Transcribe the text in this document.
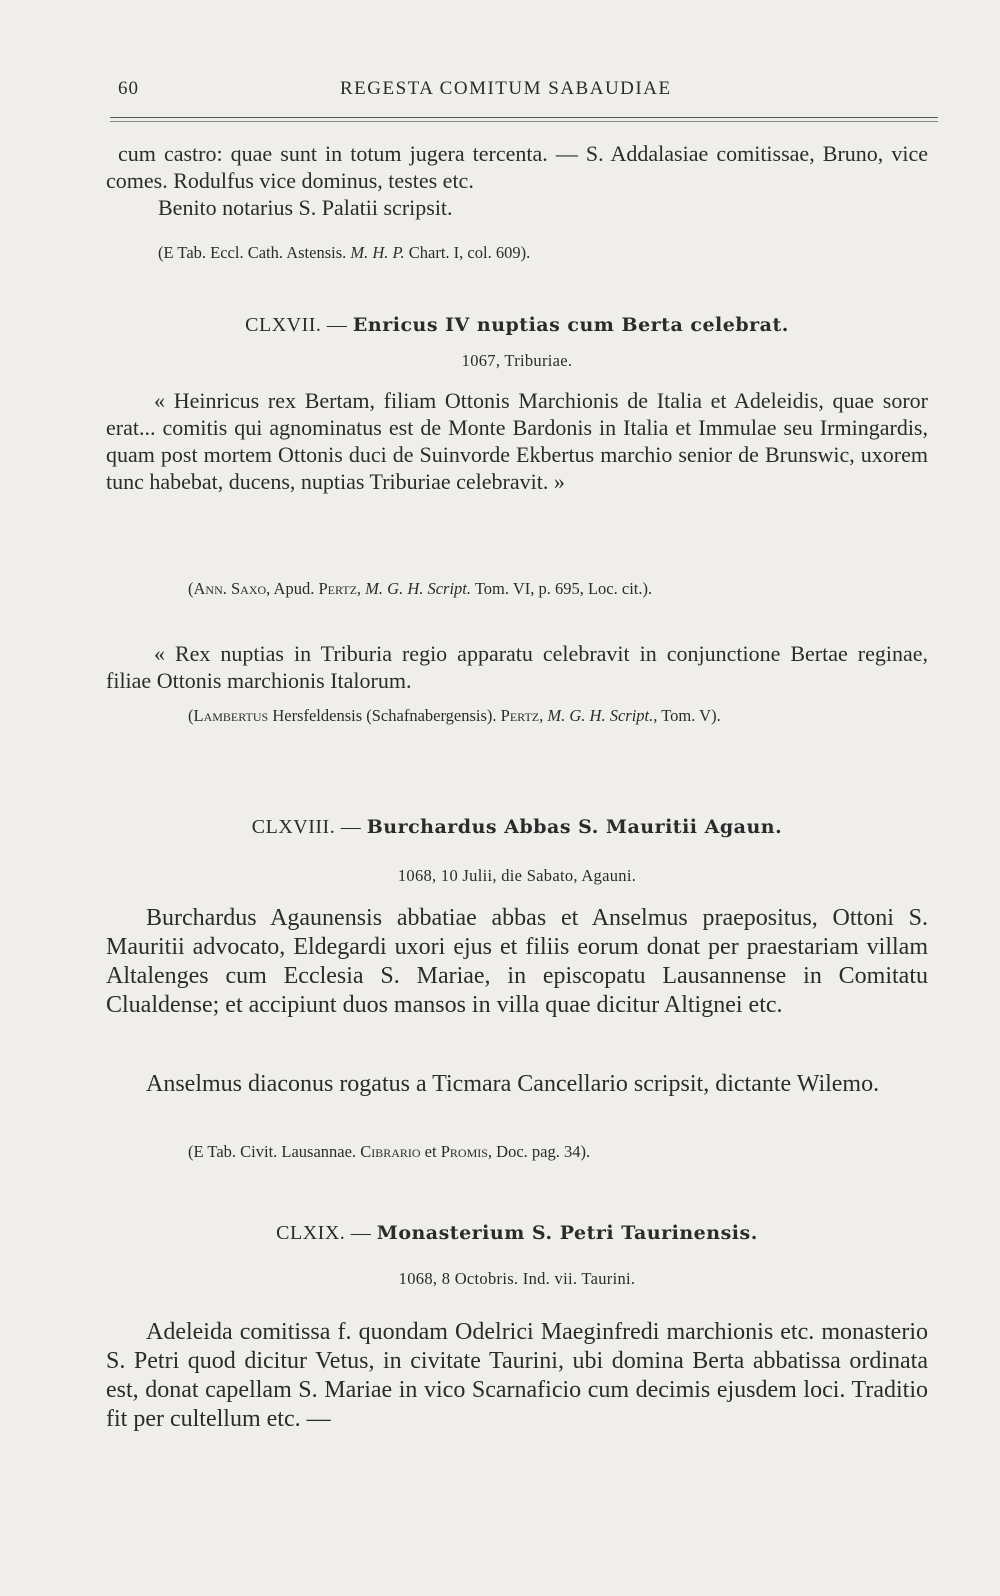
60	REGESTA COMITUM SABAUDIAE
cum castro: quae sunt in totum jugera tercenta. — S. Addalasiae comitissae, Bruno, vice comes. Rodulfus vice dominus, testes etc.
Benito notarius S. Palatii scripsit.
(E Tab. Eccl. Cath. Astensis. M. H. P. Chart. I, col. 609).
CLXVII. — Enricus IV nuptias cum Berta celebrat.
1067, Triburiae.
« Heinricus rex Bertam, filiam Ottonis Marchionis de Italia et Adeleidis, quae soror erat... comitis qui agnominatus est de Monte Bardonis in Italia et Immulae seu Irmingardis, quam post mortem Ottonis duci de Suinvorde Ekbertus marchio senior de Brunswic, uxorem tunc habebat, ducens, nuptias Triburiae celebravit. »
(Ann. Saxo, Apud. Pertz, M. G. H. Script. Tom. VI, p. 695, Loc. cit.).
« Rex nuptias in Triburia regio apparatu celebravit in conjunctione Bertae reginae, filiae Ottonis marchionis Italorum.
(Lambertus Hersfeldensis (Schafnabergensis). Pertz, M. G. H. Script., Tom. V).
CLXVIII. — Burchardus Abbas S. Mauritii Agaun.
1068, 10 Julii, die Sabato, Agauni.
Burchardus Agaunensis abbatiae abbas et Anselmus praepositus, Ottoni S. Mauritii advocato, Eldegardi uxori ejus et filiis eorum donat per praestariam villam Altalenges cum Ecclesia S. Mariae, in episcopatu Lausannense in Comitatu Clualdense; et accipiunt duos mansos in villa quae dicitur Altignei etc.
Anselmus diaconus rogatus a Ticmara Cancellario scripsit, dictante Wilemo.
(E Tab. Civit. Lausannae. Cibrario et Promis, Doc. pag. 34).
CLXIX. — Monasterium S. Petri Taurinensis.
1068, 8 Octobris. Ind. vii. Taurini.
Adeleida comitissa f. quondam Odelrici Maeginfredi marchionis etc. monasterio S. Petri quod dicitur Vetus, in civitate Taurini, ubi domina Berta abbatissa ordinata est, donat capellam S. Mariae in vico Scarnaficio cum decimis ejusdem loci. Traditio fit per cultellum etc. —
